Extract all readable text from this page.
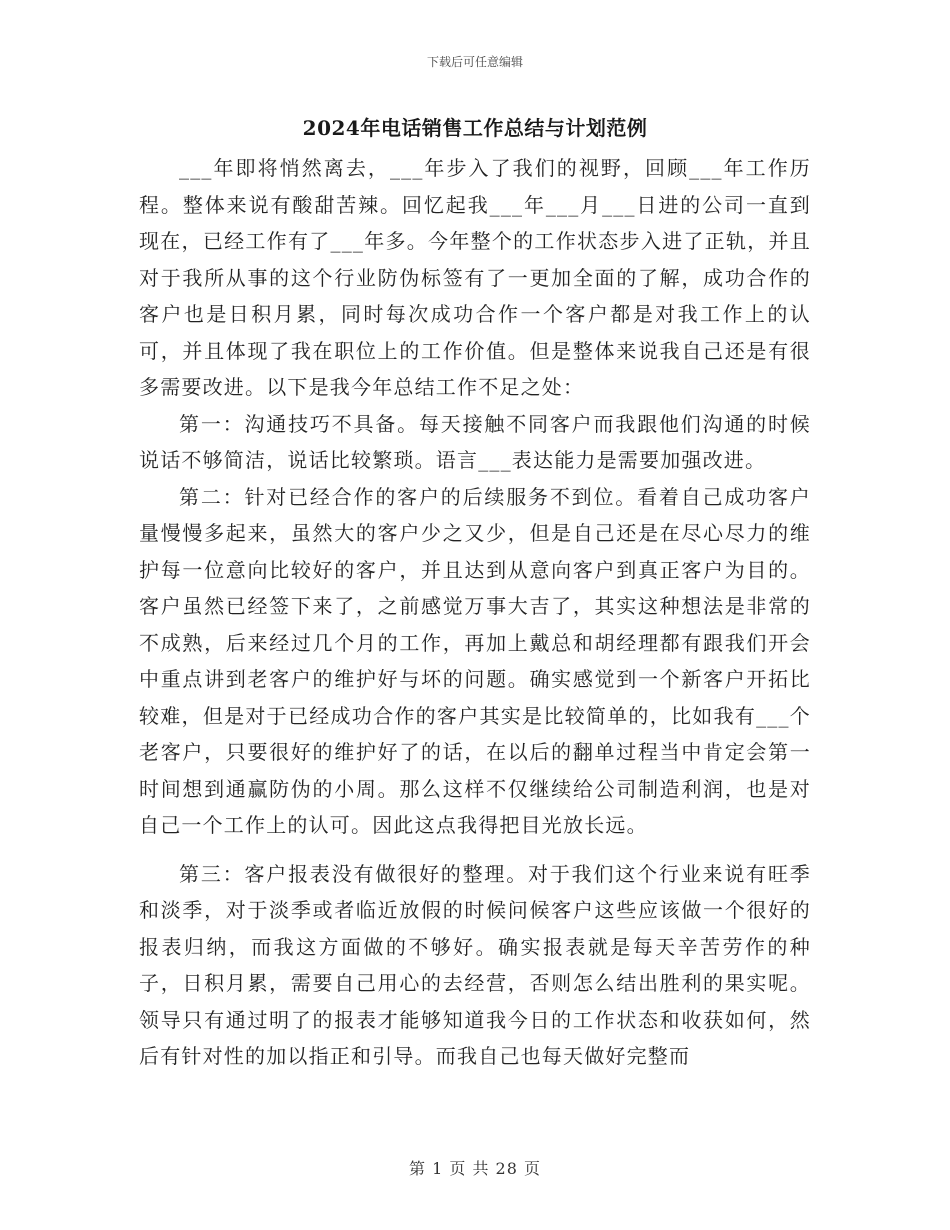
下载后可任意编辑
2024年电话销售工作总结与计划范例

___年即将悄然离去，___年步入了我们的视野，回顾___年工作历程。整体来说有酸甜苦辣。回忆起我___年___月___日进的公司一直到现在，已经工作有了___年多。今年整个的工作状态步入进了正轨，并且对于我所从事的这个行业防伪标签有了一更加全面的了解，成功合作的客户也是日积月累，同时每次成功合作一个客户都是对我工作上的认可，并且体现了我在职位上的工作价值。但是整体来说我自己还是有很多需要改进。以下是我今年总结工作不足之处：

第一：沟通技巧不具备。每天接触不同客户而我跟他们沟通的时候说话不够简洁，说话比较繁琐。语言___表达能力是需要加强改进。

第二：针对已经合作的客户的后续服务不到位。看着自己成功客户量慢慢多起来，虽然大的客户少之又少，但是自己还是在尽心尽力的维护每一位意向比较好的客户，并且达到从意向客户到真正客户为目的。客户虽然已经签下来了，之前感觉万事大吉了，其实这种想法是非常的不成熟，后来经过几个月的工作，再加上戴总和胡经理都有跟我们开会中重点讲到老客户的维护好与坏的问题。确实感觉到一个新客户开拓比较难，但是对于已经成功合作的客户其实是比较简单的，比如我有___个老客户，只要很好的维护好了的话，在以后的翻单过程当中肯定会第一时间想到通赢防伪的小周。那么这样不仅继续给公司制造利润，也是对自己一个工作上的认可。因此这点我得把目光放长远。

第三：客户报表没有做很好的整理。对于我们这个行业来说有旺季和淡季，对于淡季或者临近放假的时候问候客户这些应该做一个很好的报表归纳，而我这方面做的不够好。确实报表就是每天辛苦劳作的种子，日积月累，需要自己用心的去经营，否则怎么结出胜利的果实呢。领导只有通过明了的报表才能够知道我今日的工作状态和收获如何，然后有针对性的加以指正和引导。而我自己也每天做好完整而

第 1 页 共 28 页
